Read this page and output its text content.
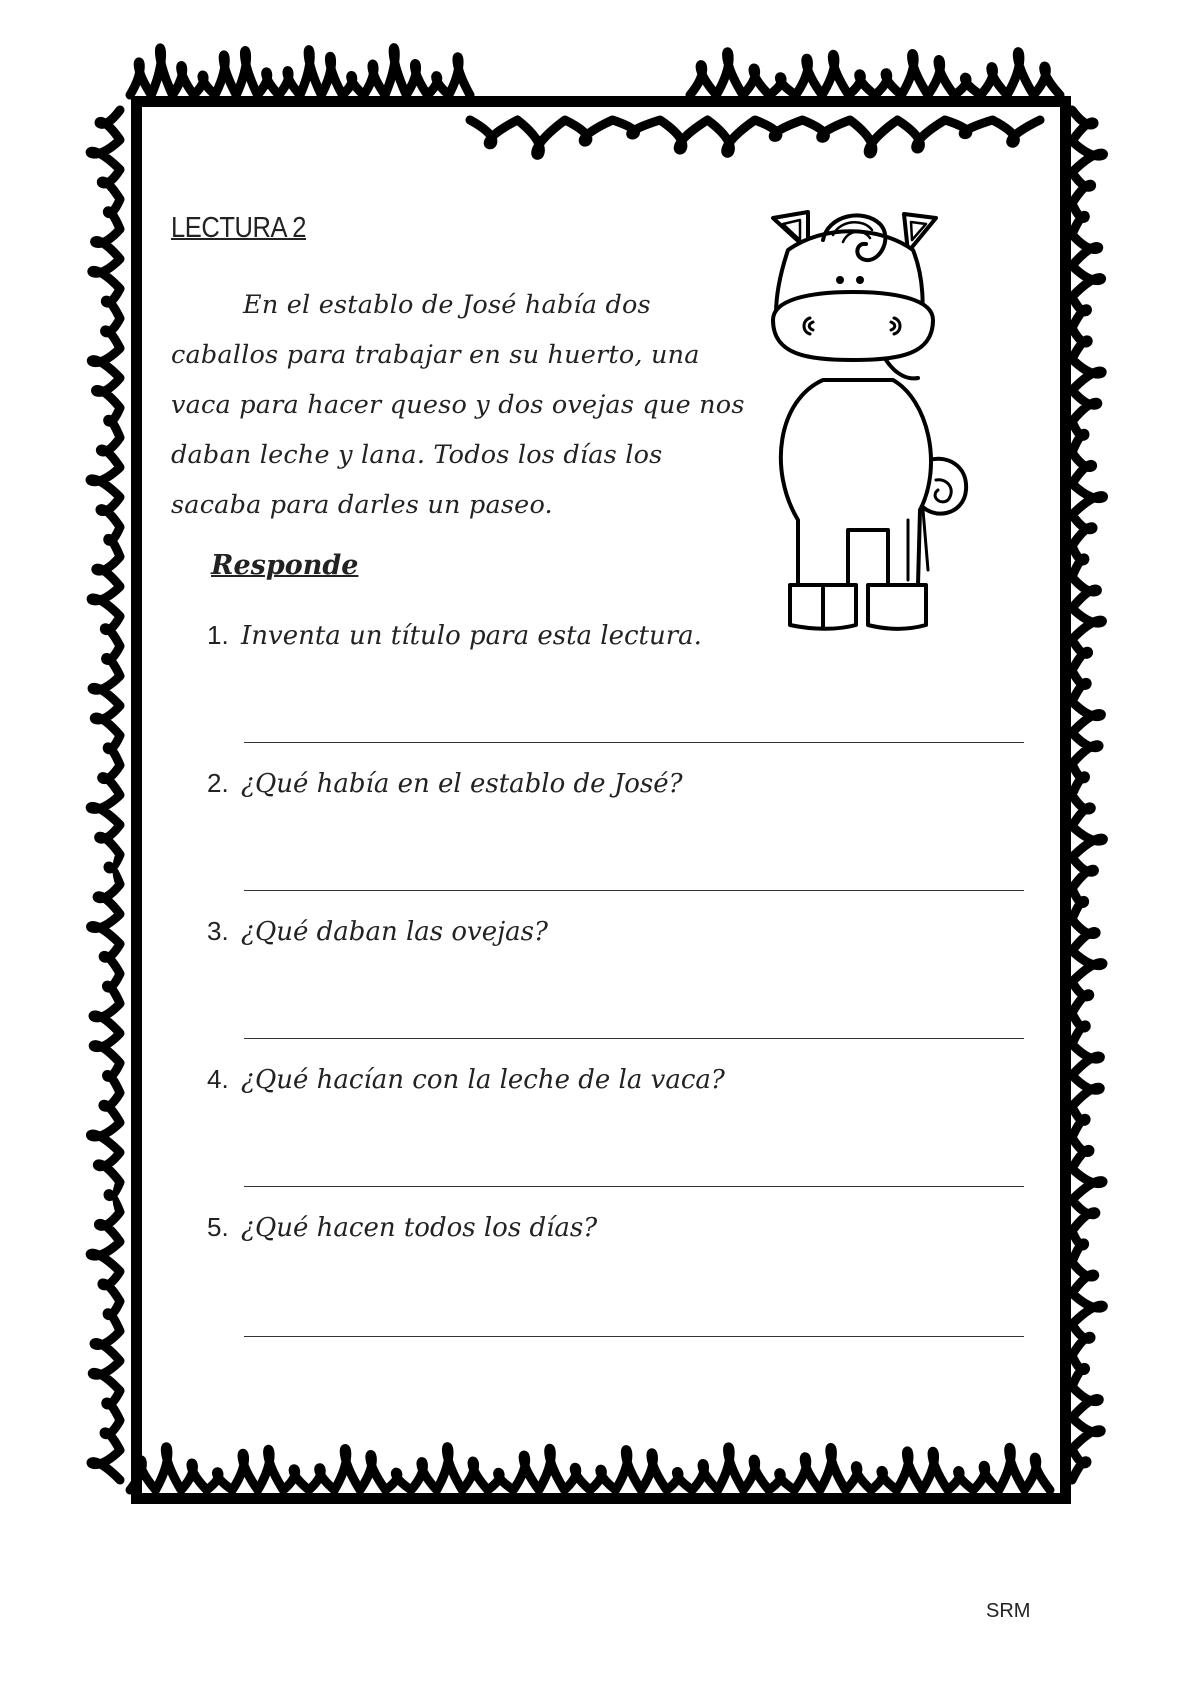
LECTURA 2

En el establo de José había dos caballos para trabajar en su huerto, una vaca para hacer queso y dos ovejas que nos daban leche y lana. Todos los días los sacaba para darles un paseo.

Responde

1. Inventa un título para esta lectura.

2. ¿Qué había en el establo de José?

3. ¿Qué daban las ovejas?

4. ¿Qué hacían con la leche de la vaca?

5. ¿Qué hacen todos los días?

SRM
